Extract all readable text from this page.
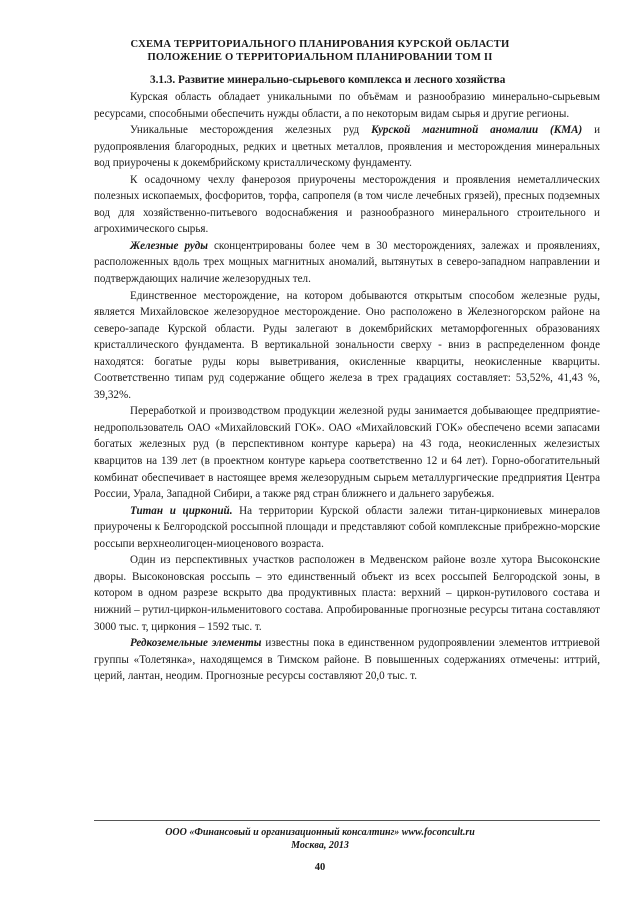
СХЕМА ТЕРРИТОРИАЛЬНОГО ПЛАНИРОВАНИЯ КУРСКОЙ ОБЛАСТИ
ПОЛОЖЕНИЕ О ТЕРРИТОРИАЛЬНОМ ПЛАНИРОВАНИИ ТОМ II
3.1.3. Развитие минерально-сырьевого комплекса и лесного хозяйства

Курская область обладает уникальными по объёмам и разнообразию минерально-сырьевым ресурсами, способными обеспечить нужды области, а по некоторым видам сырья и другие регионы.

Уникальные месторождения железных руд Курской магнитной аномалии (КМА) и рудопроявления благородных, редких и цветных металлов, проявления и месторождения минеральных вод приурочены к докембрийскому кристаллическому фундаменту.

К осадочному чехлу фанерозоя приурочены месторождения и проявления неметаллических полезных ископаемых, фосфоритов, торфа, сапропеля (в том числе лечебных грязей), пресных подземных вод для хозяйственно-питьевого водоснабжения и разнообразного минерального строительного и агрохимического сырья.

Железные руды сконцентрированы более чем в 30 месторождениях, залежах и проявлениях, расположенных вдоль трех мощных магнитных аномалий, вытянутых в северо-западном направлении и подтверждающих наличие железорудных тел.

Единственное месторождение, на котором добываются открытым способом железные руды, является Михайловское железорудное месторождение. Оно расположено в Железногорском районе на северо-западе Курской области. Руды залегают в докембрийских метаморфогенных образованиях кристаллического фундамента. В вертикальной зональности сверху - вниз в распределенном фонде находятся: богатые руды коры выветривания, окисленные кварциты, неокисленные кварциты. Соответственно типам руд содержание общего железа в трех градациях составляет: 53,52%, 41,43 %, 39,32%.

Переработкой и производством продукции железной руды занимается добывающее предприятие-недропользователь ОАО «Михайловский ГОК». ОАО «Михайловский ГОК» обеспечено всеми запасами богатых железных руд (в перспективном контуре карьера) на 43 года, неокисленных железистых кварцитов на 139 лет (в проектном контуре карьера соответственно 12 и 64 лет). Горно-обогатительный комбинат обеспечивает в настоящее время железорудным сырьем металлургические предприятия Центра России, Урала, Западной Сибири, а также ряд стран ближнего и дальнего зарубежья.

Титан и цирконий. На территории Курской области залежи титан-циркониевых минералов приурочены к Белгородской россыпной площади и представляют собой комплексные прибрежно-морские россыпи верхнеолигоцен-миоценового возраста.

Один из перспективных участков расположен в Медвенском районе возле хутора Высоконские дворы. Высоконовская россыпь – это единственный объект из всех россыпей Белгородской зоны, в котором в одном разрезе вскрыто два продуктивных пласта: верхний – циркон-рутилового состава и нижний – рутил-циркон-ильменитового состава. Апробированные прогнозные ресурсы титана составляют 3000 тыс. т, циркония – 1592 тыс. т.

Редкоземельные элементы известны пока в единственном рудопроявлении элементов иттриевой группы «Толетянка», находящемся в Тимском районе. В повышенных содержаниях отмечены: иттрий, церий, лантан, неодим. Прогнозные ресурсы составляют 20,0 тыс. т.

ООО «Финансовый и организационный консалтинг» www.foconcult.ru
Москва, 2013
40
